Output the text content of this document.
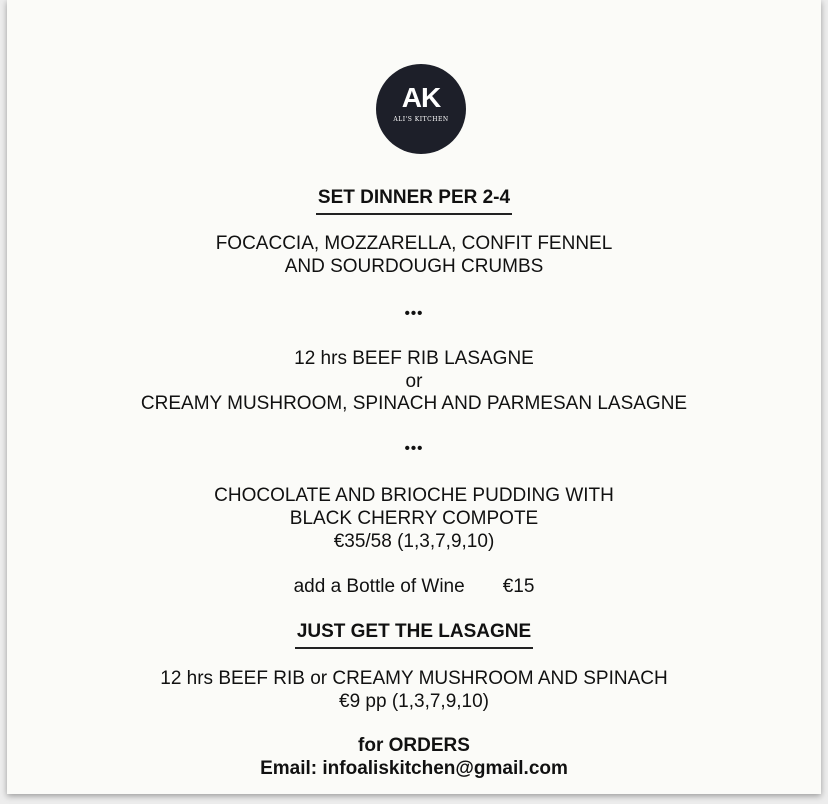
AK
ALI'S KITCHEN
SET DINNER PER 2-4
FOCACCIA, MOZZARELLA, CONFIT FENNEL
AND SOURDOUGH CRUMBS
•••
12 hrs BEEF RIB LASAGNE
or
CREAMY MUSHROOM, SPINACH AND PARMESAN LASAGNE
•••
CHOCOLATE AND BRIOCHE PUDDING WITH
BLACK CHERRY COMPOTE
€35/58 (1,3,7,9,10)
add a Bottle of Wine €15
JUST GET THE LASAGNE
12 hrs BEEF RIB or CREAMY MUSHROOM AND SPINACH
€9 pp (1,3,7,9,10)
for ORDERS
Email: infoaliskitchen@gmail.com
